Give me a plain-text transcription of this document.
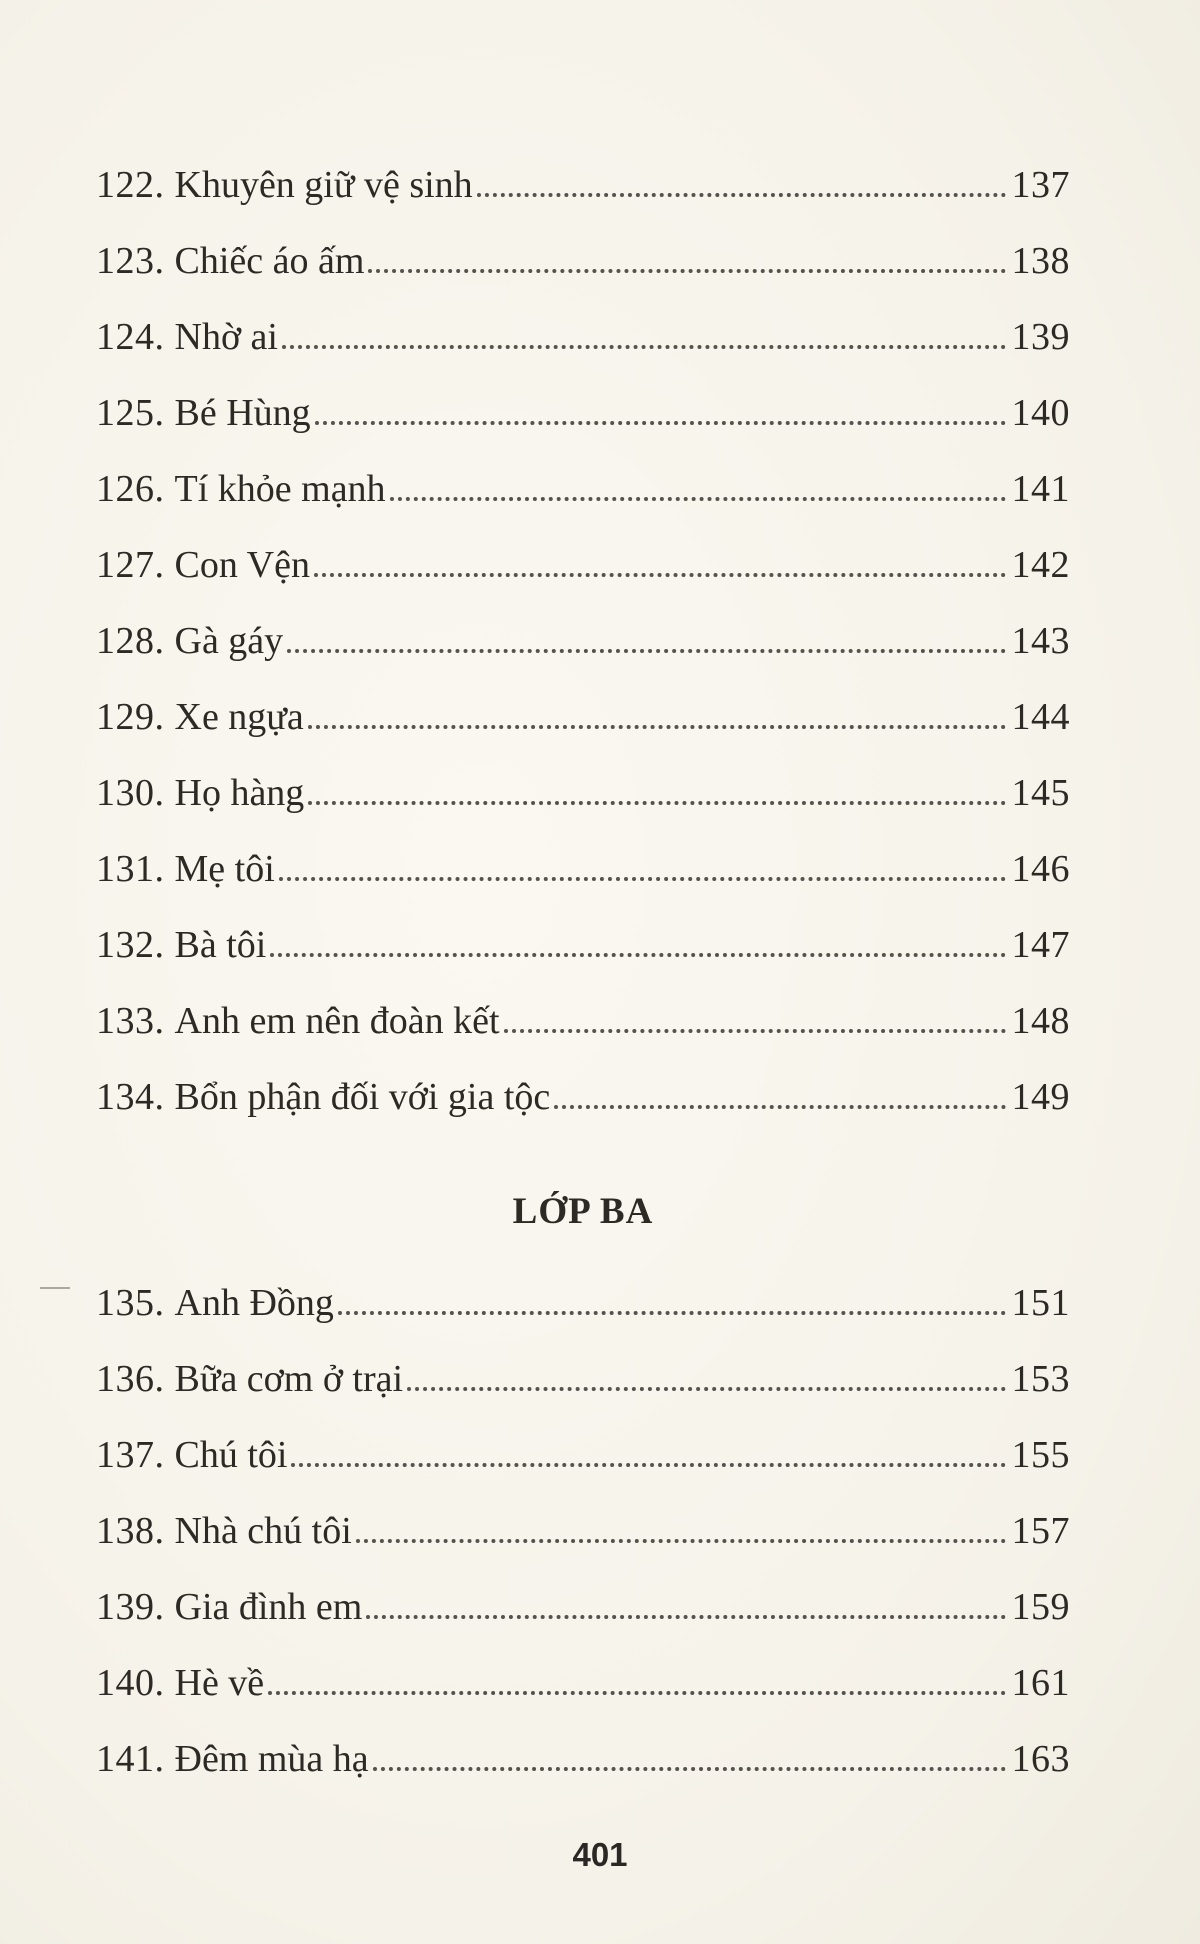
122. Khuyên giữ vệ sinh	137
123. Chiếc áo ấm	138
124. Nhờ ai	139
125. Bé Hùng	140
126. Tí khỏe mạnh	141
127. Con Vện	142
128. Gà gáy	143
129. Xe ngựa	144
130. Họ hàng	145
131. Mẹ tôi	146
132. Bà tôi	147
133. Anh em nên đoàn kết	148
134. Bổn phận đối với gia tộc	149
135. Anh Đồng	151
136. Bữa cơm ở trại	153
137. Chú tôi	155
138. Nhà chú tôi	157
139. Gia đình em	159
140. Hè về	161
141. Đêm mùa hạ	163
LỚP BA
401
